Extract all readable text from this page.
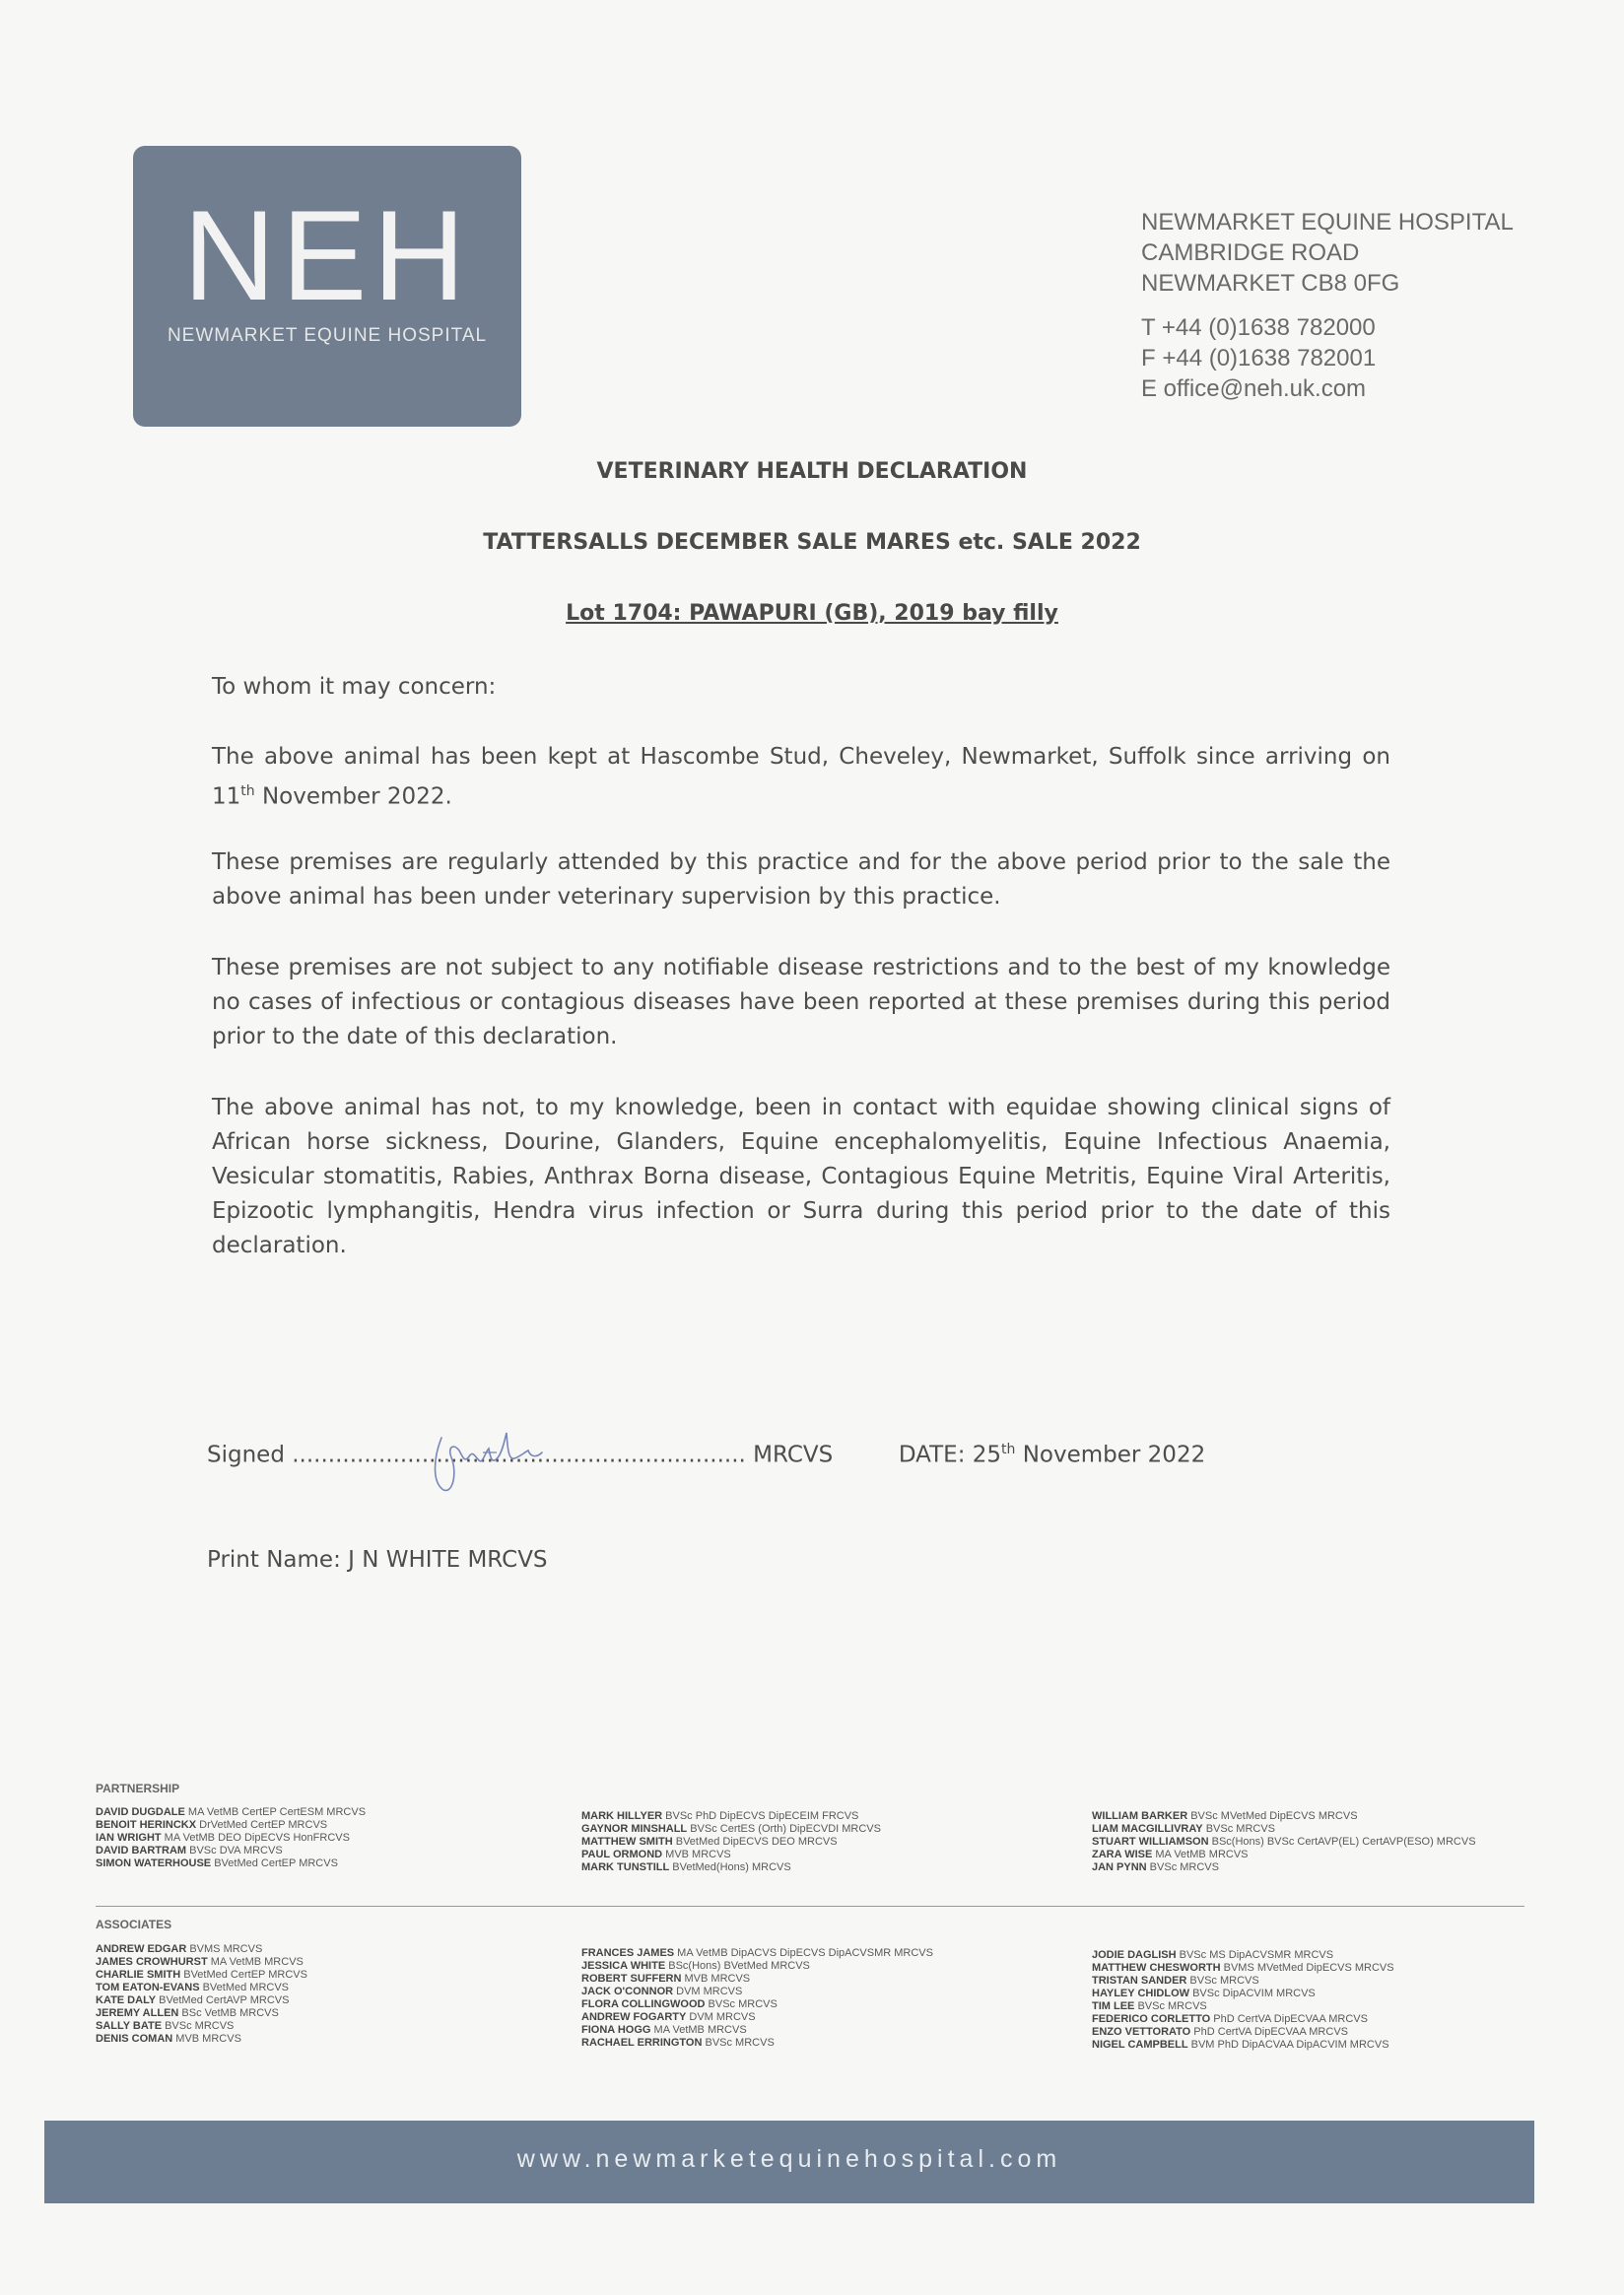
NEH
NEWMARKET EQUINE HOSPITAL
NEWMARKET EQUINE HOSPITAL
CAMBRIDGE ROAD
NEWMARKET CB8 0FG
T +44 (0)1638 782000
F +44 (0)1638 782001
E office@neh.uk.com
VETERINARY HEALTH DECLARATION
TATTERSALLS DECEMBER SALE MARES etc. SALE 2022
Lot 1704: PAWAPURI (GB), 2019 bay filly
To whom it may concern:
The above animal has been kept at Hascombe Stud, Cheveley, Newmarket, Suffolk since arriving on 11th November 2022.
These premises are regularly attended by this practice and for the above period prior to the sale the above animal has been under veterinary supervision by this practice.
These premises are not subject to any notifiable disease restrictions and to the best of my knowledge no cases of infectious or contagious diseases have been reported at these premises during this period prior to the date of this declaration.
The above animal has not, to my knowledge, been in contact with equidae showing clinical signs of African horse sickness, Dourine, Glanders, Equine encephalomyelitis, Equine Infectious Anaemia, Vesicular stomatitis, Rabies, Anthrax Borna disease, Contagious Equine Metritis, Equine Viral Arteritis, Epizootic lymphangitis, Hendra virus infection or Surra during this period prior to the date of this declaration.
Signed ............................................................... MRCVS	DATE: 25th November 2022
Print Name: J N WHITE MRCVS
PARTNERSHIP
DAVID DUGDALE MA VetMB CertEP CertESM MRCVS
BENOIT HERINCKX DrVetMed CertEP MRCVS
IAN WRIGHT MA VetMB DEO DipECVS HonFRCVS
DAVID BARTRAM BVSc DVA MRCVS
SIMON WATERHOUSE BVetMed CertEP MRCVS
MARK HILLYER BVSc PhD DipECVS DipECEIM FRCVS
GAYNOR MINSHALL BVSc CertES (Orth) DipECVDI MRCVS
MATTHEW SMITH BVetMed DipECVS DEO MRCVS
PAUL ORMOND MVB MRCVS
MARK TUNSTILL BVetMed(Hons) MRCVS
WILLIAM BARKER BVSc MVetMed DipECVS MRCVS
LIAM MACGILLIVRAY BVSc MRCVS
STUART WILLIAMSON BSc(Hons) BVSc CertAVP(EL) CertAVP(ESO) MRCVS
ZARA WISE MA VetMB MRCVS
JAN PYNN BVSc MRCVS
ASSOCIATES
ANDREW EDGAR BVMS MRCVS
JAMES CROWHURST MA VetMB MRCVS
CHARLIE SMITH BVetMed CertEP MRCVS
TOM EATON-EVANS BVetMed MRCVS
KATE DALY BVetMed CertAVP MRCVS
JEREMY ALLEN BSc VetMB MRCVS
SALLY BATE BVSc MRCVS
DENIS COMAN MVB MRCVS
FRANCES JAMES MA VetMB DipACVS DipECVS DipACVSMR MRCVS
JESSICA WHITE BSc(Hons) BVetMed MRCVS
ROBERT SUFFERN MVB MRCVS
JACK O'CONNOR DVM MRCVS
FLORA COLLINGWOOD BVSc MRCVS
ANDREW FOGARTY DVM MRCVS
FIONA HOGG MA VetMB MRCVS
RACHAEL ERRINGTON BVSc MRCVS
JODIE DAGLISH BVSc MS DipACVSMR MRCVS
MATTHEW CHESWORTH BVMS MVetMed DipECVS MRCVS
TRISTAN SANDER BVSc MRCVS
HAYLEY CHIDLOW BVSc DipACVIM MRCVS
TIM LEE BVSc MRCVS
FEDERICO CORLETTO PhD CertVA DipECVAA MRCVS
ENZO VETTORATO PhD CertVA DipECVAA MRCVS
NIGEL CAMPBELL BVM PhD DipACVAA DipACVIM MRCVS
www.newmarketequinehospital.com
